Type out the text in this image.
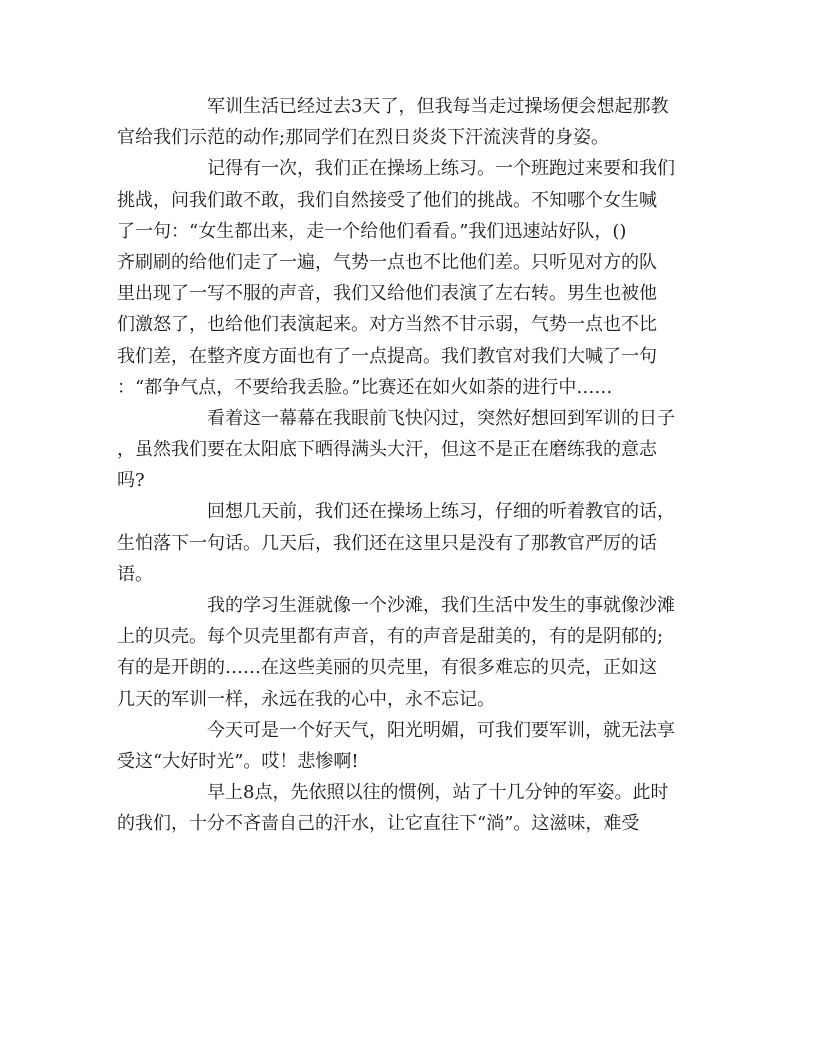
军训生活已经过去3天了，但我每当走过操场便会想起那教
官给我们示范的动作;那同学们在烈日炎炎下汗流浃背的身姿。
记得有一次，我们正在操场上练习。一个班跑过来要和我们
挑战，问我们敢不敢，我们自然接受了他们的挑战。不知哪个女生喊
了一句：“女生都出来，走一个给他们看看。”我们迅速站好队，()
齐刷刷的给他们走了一遍，气势一点也不比他们差。只听见对方的队
里出现了一写不服的声音，我们又给他们表演了左右转。男生也被他
们激怒了，也给他们表演起来。对方当然不甘示弱，气势一点也不比
我们差，在整齐度方面也有了一点提高。我们教官对我们大喊了一句
：“都争气点，不要给我丢脸。”比赛还在如火如荼的进行中……
看着这一幕幕在我眼前飞快闪过，突然好想回到军训的日子
，虽然我们要在太阳底下晒得满头大汗，但这不是正在磨练我的意志
吗?
回想几天前，我们还在操场上练习，仔细的听着教官的话，
生怕落下一句话。几天后，我们还在这里只是没有了那教官严厉的话
语。
我的学习生涯就像一个沙滩，我们生活中发生的事就像沙滩
上的贝壳。每个贝壳里都有声音，有的声音是甜美的，有的是阴郁的;
有的是开朗的……在这些美丽的贝壳里，有很多难忘的贝壳，正如这
几天的军训一样，永远在我的心中，永不忘记。
今天可是一个好天气，阳光明媚，可我们要军训，就无法享
受这“大好时光”。哎！悲惨啊!
早上8点，先依照以往的惯例，站了十几分钟的军姿。此时
的我们，十分不吝啬自己的汗水，让它直往下“淌”。这滋味，难受
